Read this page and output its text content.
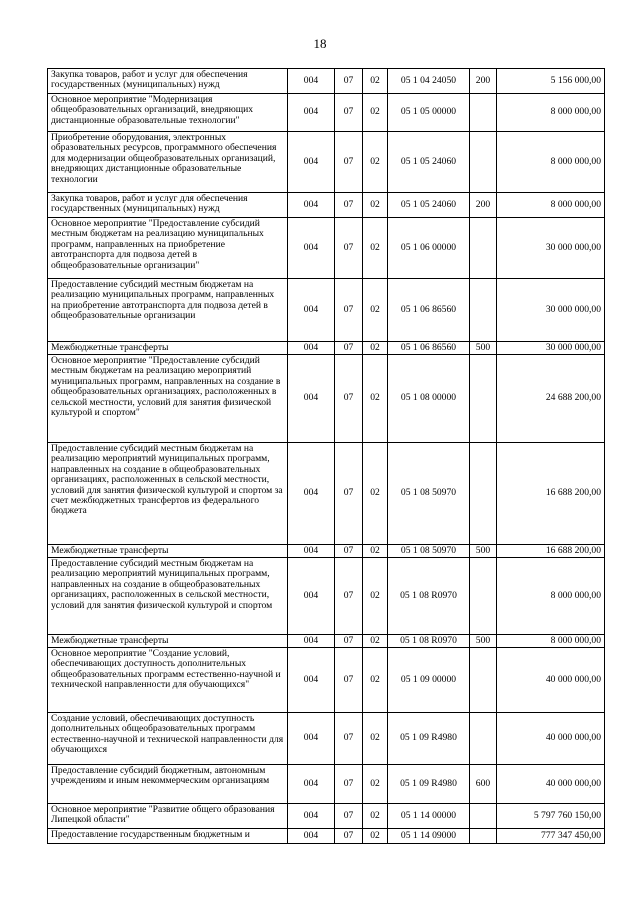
18
Закупка товаров, работ и услуг для обеспечения государственных (муниципальных) нужд	004	07	02	05 1 04 24050	200	5 156 000,00
Основное мероприятие "Модернизация общеобразовательных организаций, внедряющих дистанционные образовательные технологии"	004	07	02	05 1 05 00000		8 000 000,00
Приобретение оборудования, электронных образовательных ресурсов, программного обеспечения для модернизации общеобразовательных организаций, внедряющих дистанционные образовательные технологии	004	07	02	05 1 05 24060		8 000 000,00
Закупка товаров, работ и услуг для обеспечения государственных (муниципальных) нужд	004	07	02	05 1 05 24060	200	8 000 000,00
Основное мероприятие "Предоставление субсидий местным бюджетам на реализацию муниципальных программ, направленных на приобретение автотранспорта для подвоза детей в общеобразовательные организации"	004	07	02	05 1 06 00000		30 000 000,00
Предоставление субсидий местным бюджетам на реализацию муниципальных программ, направленных на приобретение автотранспорта для подвоза детей в общеобразовательные организации	004	07	02	05 1 06 86560		30 000 000,00
Межбюджетные трансферты	004	07	02	05 1 06 86560	500	30 000 000,00
Основное мероприятие "Предоставление субсидий местным бюджетам на реализацию мероприятий муниципальных программ, направленных на создание в общеобразовательных организациях, расположенных в сельской местности, условий для занятия физической культурой и спортом"	004	07	02	05 1 08 00000		24 688 200,00
Предоставление субсидий местным бюджетам на реализацию мероприятий муниципальных программ, направленных на создание в общеобразовательных организациях, расположенных в сельской местности, условий для занятия физической культурой и спортом за счет межбюджетных трансфертов из федерального бюджета	004	07	02	05 1 08 50970		16 688 200,00
Межбюджетные трансферты	004	07	02	05 1 08 50970	500	16 688 200,00
Предоставление субсидий местным бюджетам на реализацию мероприятий муниципальных программ, направленных на создание в общеобразовательных организациях, расположенных в сельской местности, условий для занятия физической культурой и спортом	004	07	02	05 1 08 R0970		8 000 000,00
Межбюджетные трансферты	004	07	02	05 1 08 R0970	500	8 000 000,00
Основное мероприятие "Создание условий, обеспечивающих доступность дополнительных общеобразовательных программ естественно-научной и технической направленности для обучающихся"	004	07	02	05 1 09 00000		40 000 000,00
Создание условий, обеспечивающих доступность дополнительных общеобразовательных программ естественно-научной и технической направленности для обучающихся	004	07	02	05 1 09 R4980		40 000 000,00
Предоставление субсидий бюджетным, автономным учреждениям и иным некоммерческим организациям	004	07	02	05 1 09 R4980	600	40 000 000,00
Основное мероприятие "Развитие общего образования Липецкой области"	004	07	02	05 1 14 00000		5 797 760 150,00
Предоставление государственным бюджетным и	004	07	02	05 1 14 09000		777 347 450,00
